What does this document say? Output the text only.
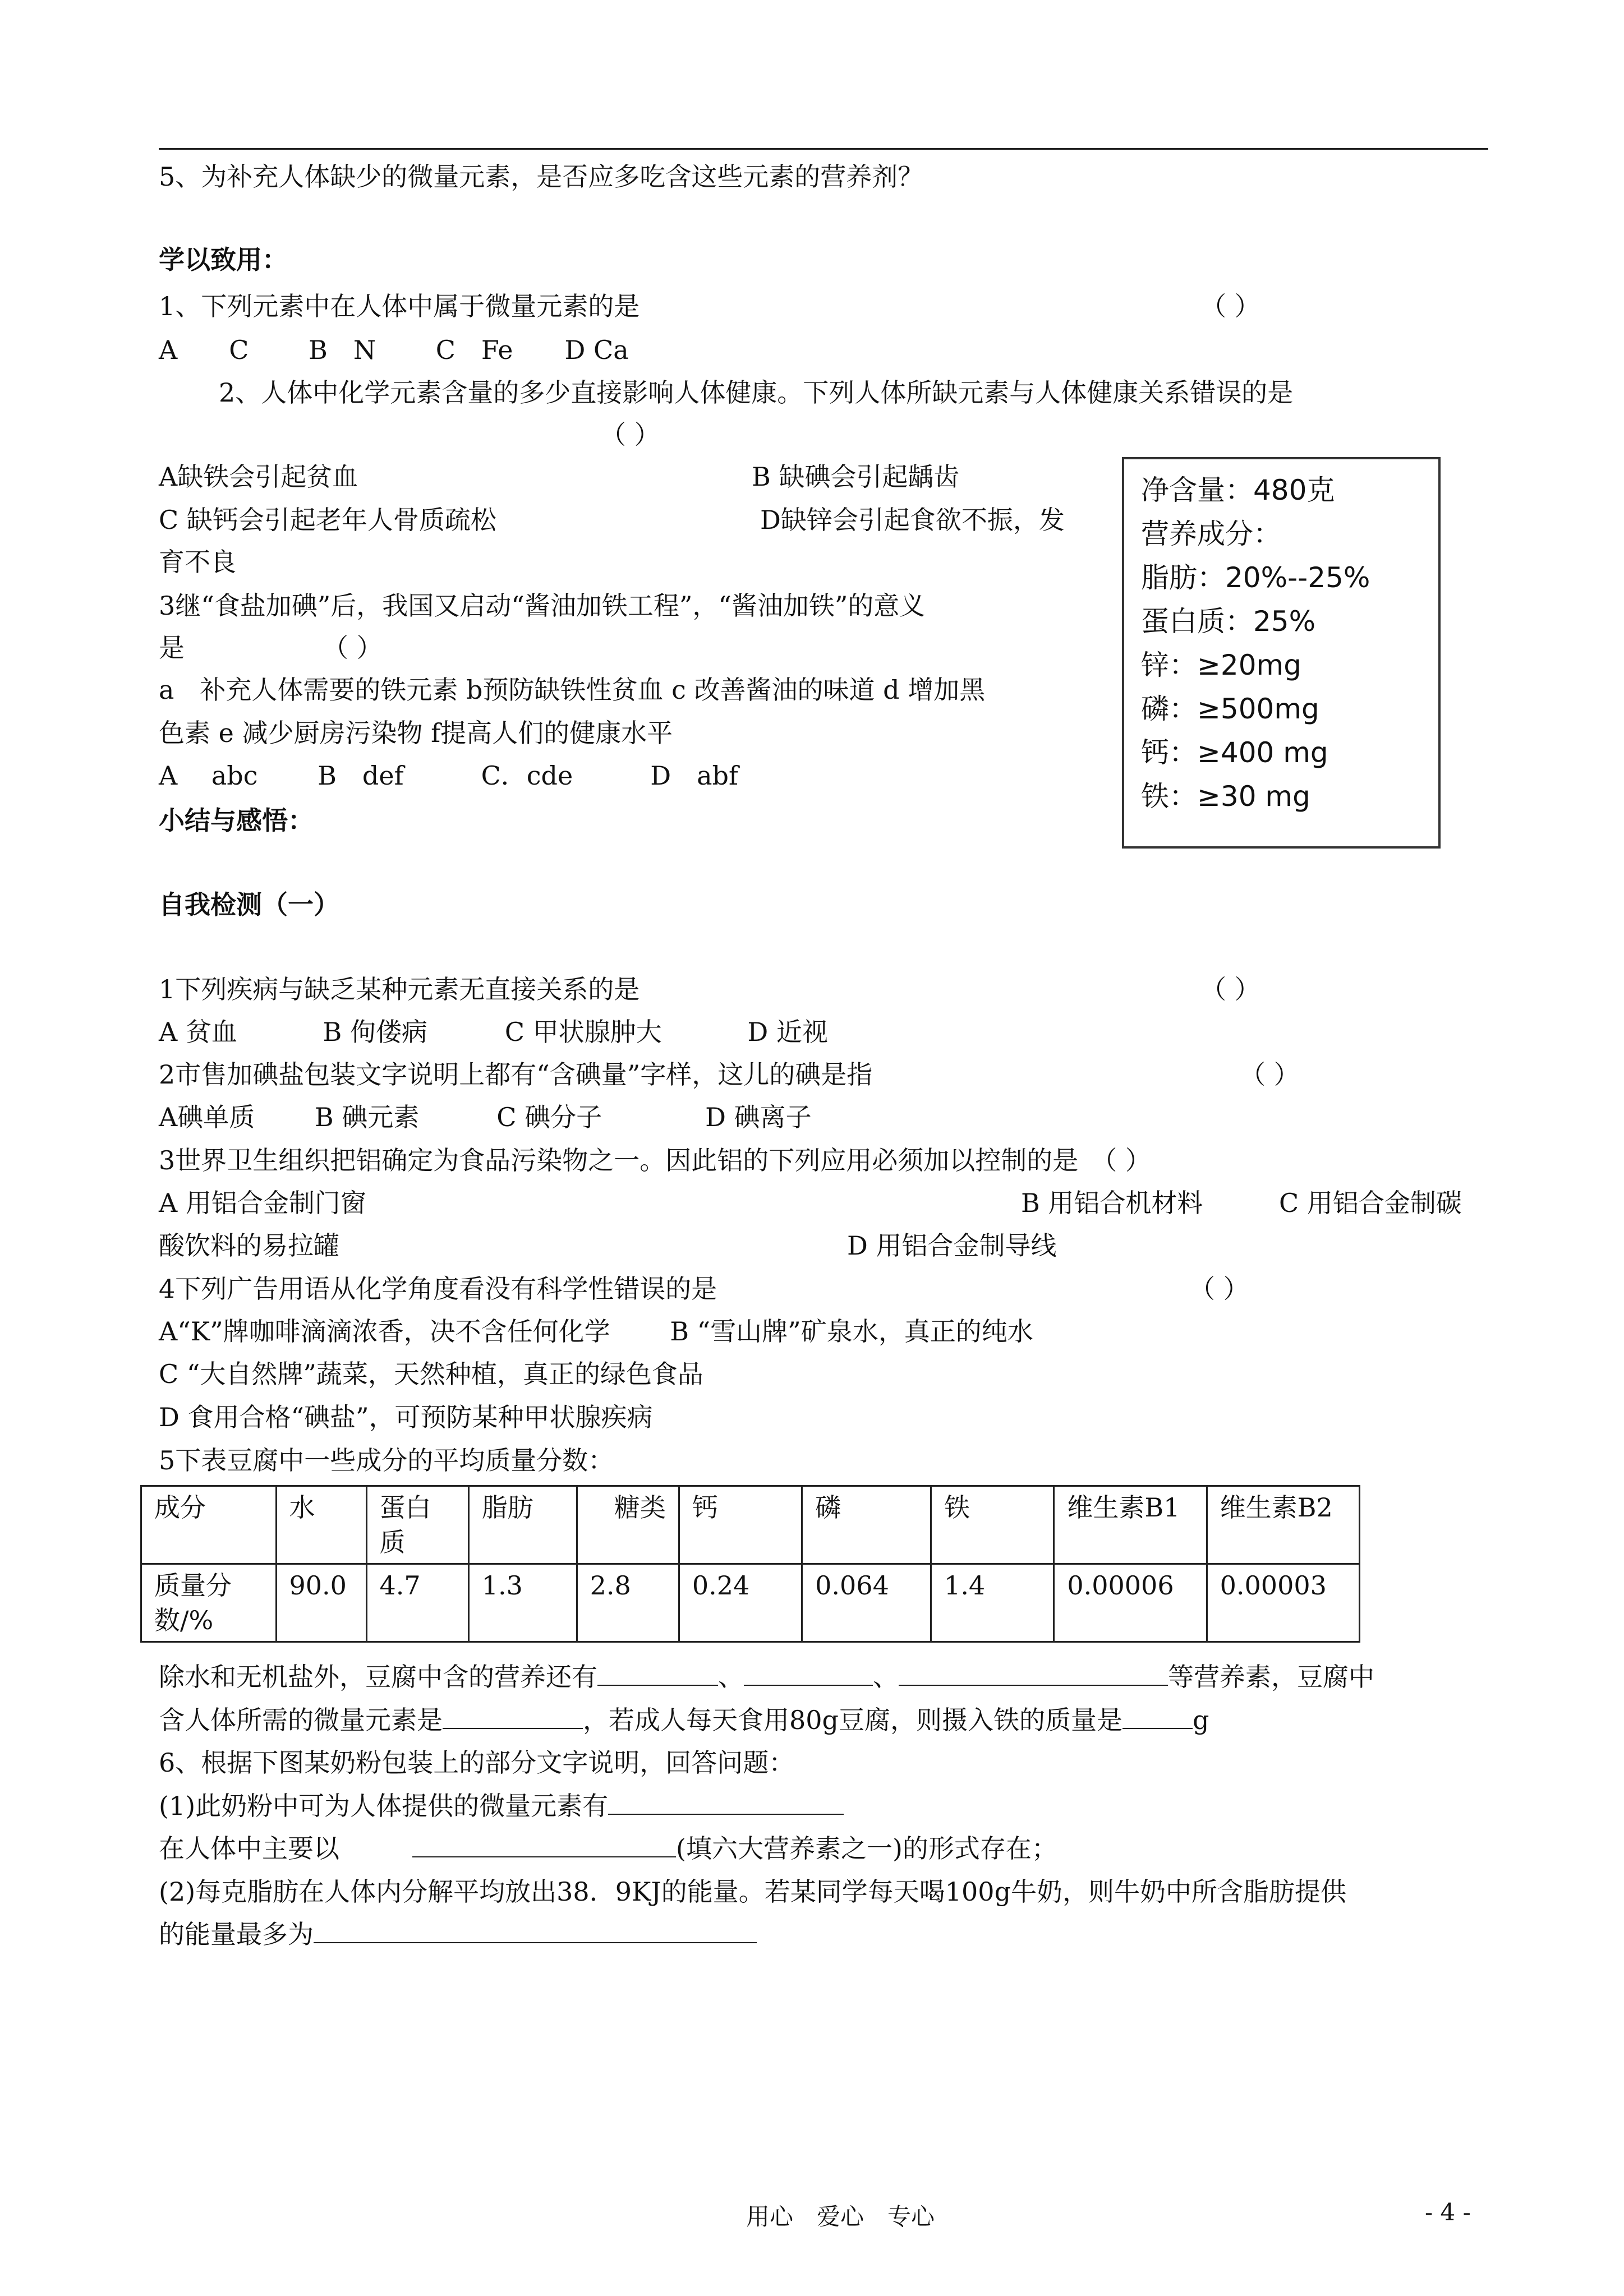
5、为补充人体缺少的微量元素，是否应多吃含这些元素的营养剂？
学以致用：
1、下列元素中在人体中属于微量元素的是	（ ）
A　　C　　 B　N　　 C　Fe　　D Ca
2、人体中化学元素含量的多少直接影响人体健康。下列人体所缺元素与人体健康关系错误的是
（ ）
A缺铁会引起贫血	B 缺碘会引起龋齿
C 缺钙会引起老年人骨质疏松	D缺锌会引起食欲不振，发
育不良
3继“食盐加碘”后，我国又启动“酱油加铁工程”，“酱油加铁”的意义
是	（ ）
a　补充人体需要的铁元素 b预防缺铁性贫血 c 改善酱油的味道 d 增加黑
色素 e 减少厨房污染物 f提高人们的健康水平
A　 abc　　 B　def　　　C．cde　　　D　abf
小结与感悟：
净含量：480克
营养成分：
脂肪：20%--25%
蛋白质：25%
锌：≥20mg
磷：≥500mg
钙：≥400 mg
铁：≥30 mg
自我检测（一）
1下列疾病与缺乏某种元素无直接关系的是	（ ）
A 贫血　　　 B 佝偻病　　　C 甲状腺肿大　　　 D 近视
2市售加碘盐包装文字说明上都有“含碘量”字样，这儿的碘是指	（ ）
A碘单质　　 B 碘元素　　　C 碘分子　　　　D 碘离子
3世界卫生组织把铝确定为食品污染物之一。因此铝的下列应用必须加以控制的是　（ ）
A 用铝合金制门窗	B 用铝合机材料	C 用铝合金制碳
酸饮料的易拉罐	D 用铝合金制导线
4下列广告用语从化学角度看没有科学性错误的是	（ ）
A“K”牌咖啡滴滴浓香，决不含任何化学　　 B “雪山牌”矿泉水，真正的纯水
C “大自然牌”蔬菜，天然种植，真正的绿色食品
D 食用合格“碘盐”，可预防某种甲状腺疾病
5下表豆腐中一些成分的平均质量分数：
成分	水	蛋白质	脂肪	糖类	钙	磷	铁	维生素B1	维生素B2
质量分数/%	90.0	4.7	1.3	2.8	0.24	0.064	1.4	0.00006	0.00003
除水和无机盐外，豆腐中含的营养还有	、	、	等营养素，豆腐中
含人体所需的微量元素是	，若成人每天食用80g豆腐，则摄入铁的质量是	g
6、根据下图某奶粉包装上的部分文字说明，回答问题：
(1)此奶粉中可为人体提供的微量元素有
在人体中主要以	(填六大营养素之一)的形式存在；
(2)每克脂肪在人体内分解平均放出38．9KJ的能量。若某同学每天喝100g牛奶，则牛奶中所含脂肪提供
的能量最多为
用心　爱心　专心	- 4 -
